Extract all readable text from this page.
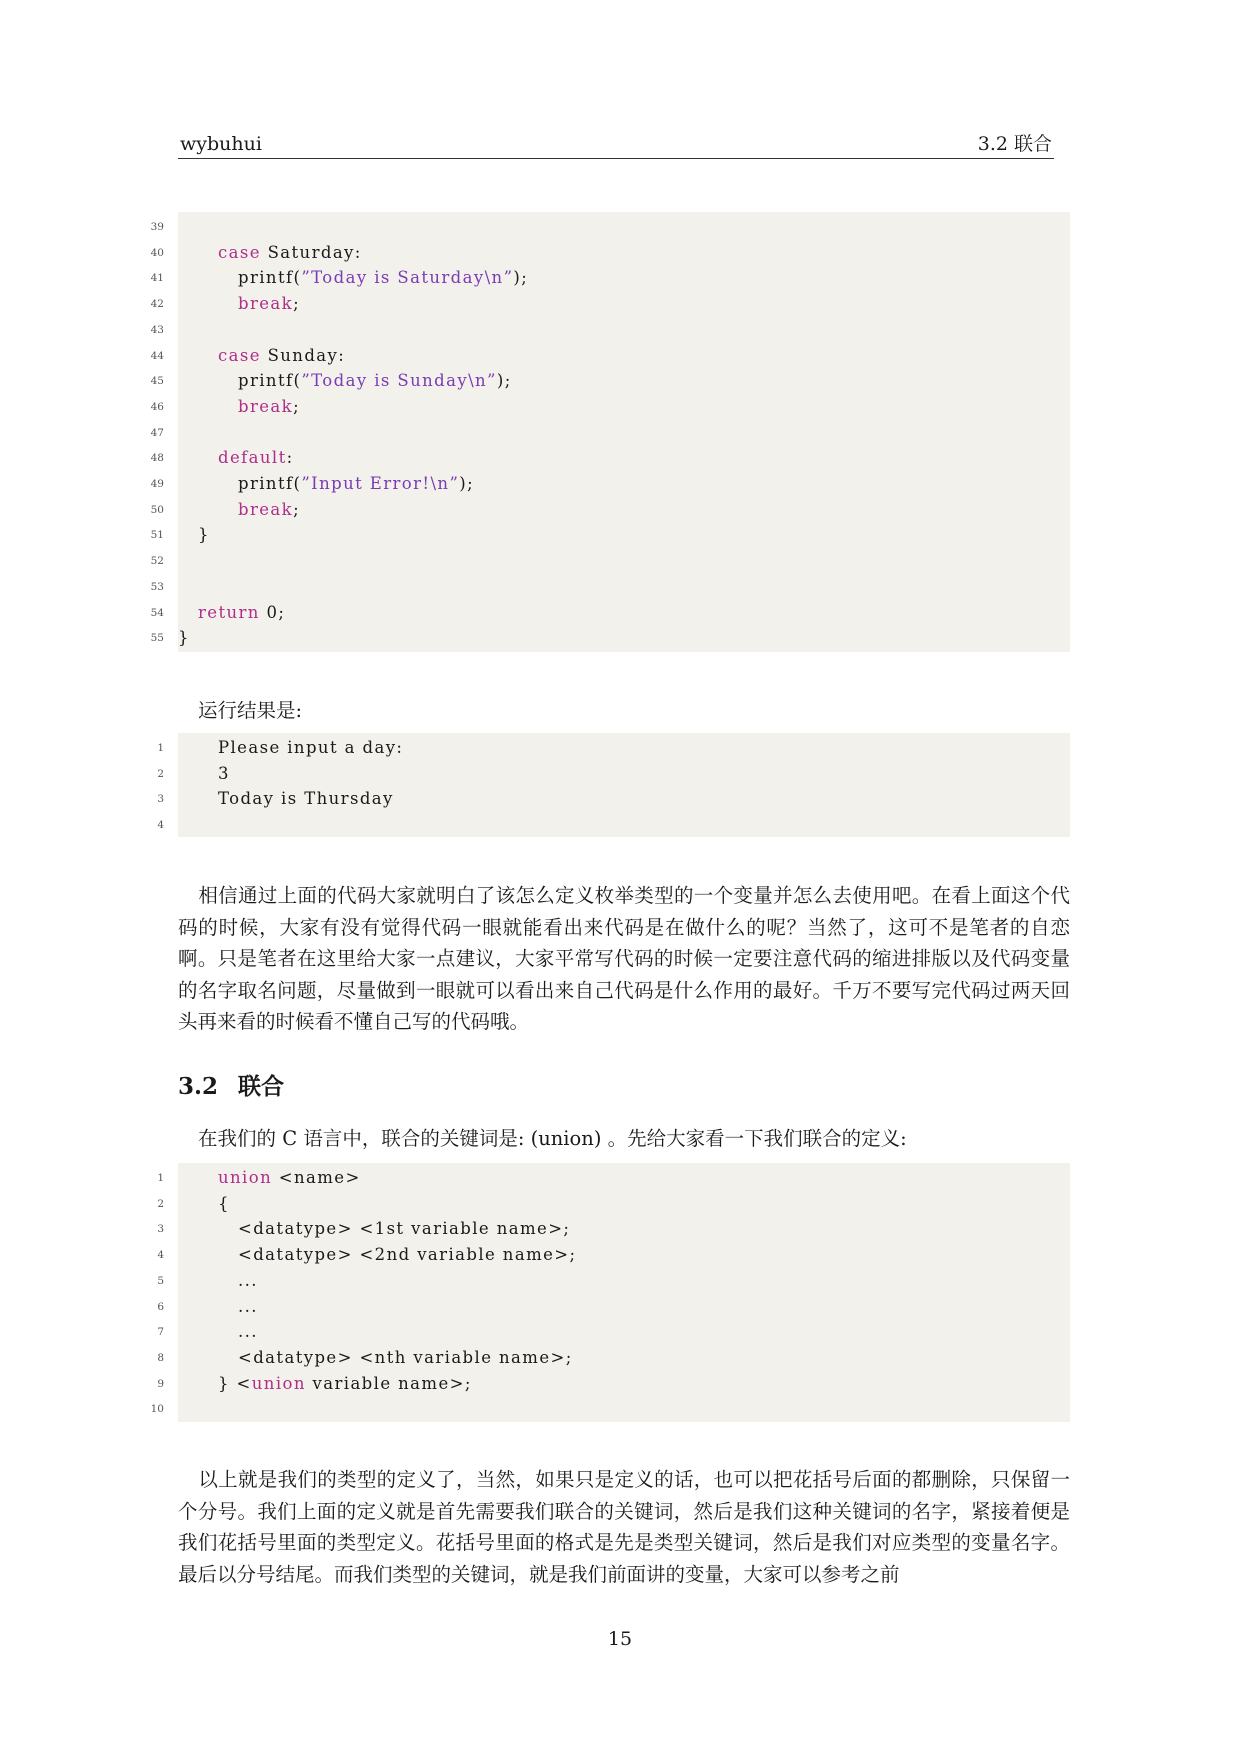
wybuhui	3.2 联合
39
40	case Saturday:
41	printf(”Today is Saturday\n”);
42	break;
43
44	case Sunday:
45	printf(”Today is Sunday\n”);
46	break;
47
48	default:
49	printf(”Input Error!\n”);
50	break;
51 }
52
53
54 return 0;
55 }
运行结果是:
1	Please input a day:
2	3
3	Today is Thursday
4
相信通过上面的代码大家就明白了该怎么定义枚举类型的一个变量并怎么去使用吧。在看上面这个代码的时候，大家有没有觉得代码一眼就能看出来代码是在做什么的呢？当然了，这可不是笔者的自恋啊。只是笔者在这里给大家一点建议，大家平常写代码的时候一定要注意代码的缩进排版以及代码变量的名字取名问题，尽量做到一眼就可以看出来自己代码是什么作用的最好。千万不要写完代码过两天回头再来看的时候看不懂自己写的代码哦。
3.2 联合
在我们的 C 语言中，联合的关键词是: (union) 。先给大家看一下我们联合的定义:
1	union <name>
2	{
3	<datatype> <1st variable name>;
4	<datatype> <2nd variable name>;
5	...
6	...
7	...
8	<datatype> <nth variable name>;
9	} <union variable name>;
10
以上就是我们的类型的定义了，当然，如果只是定义的话，也可以把花括号后面的都删除，只保留一个分号。我们上面的定义就是首先需要我们联合的关键词，然后是我们这种关键词的名字，紧接着便是我们花括号里面的类型定义。花括号里面的格式是先是类型关键词，然后是我们对应类型的变量名字。最后以分号结尾。而我们类型的关键词，就是我们前面讲的变量，大家可以参考之前
15
